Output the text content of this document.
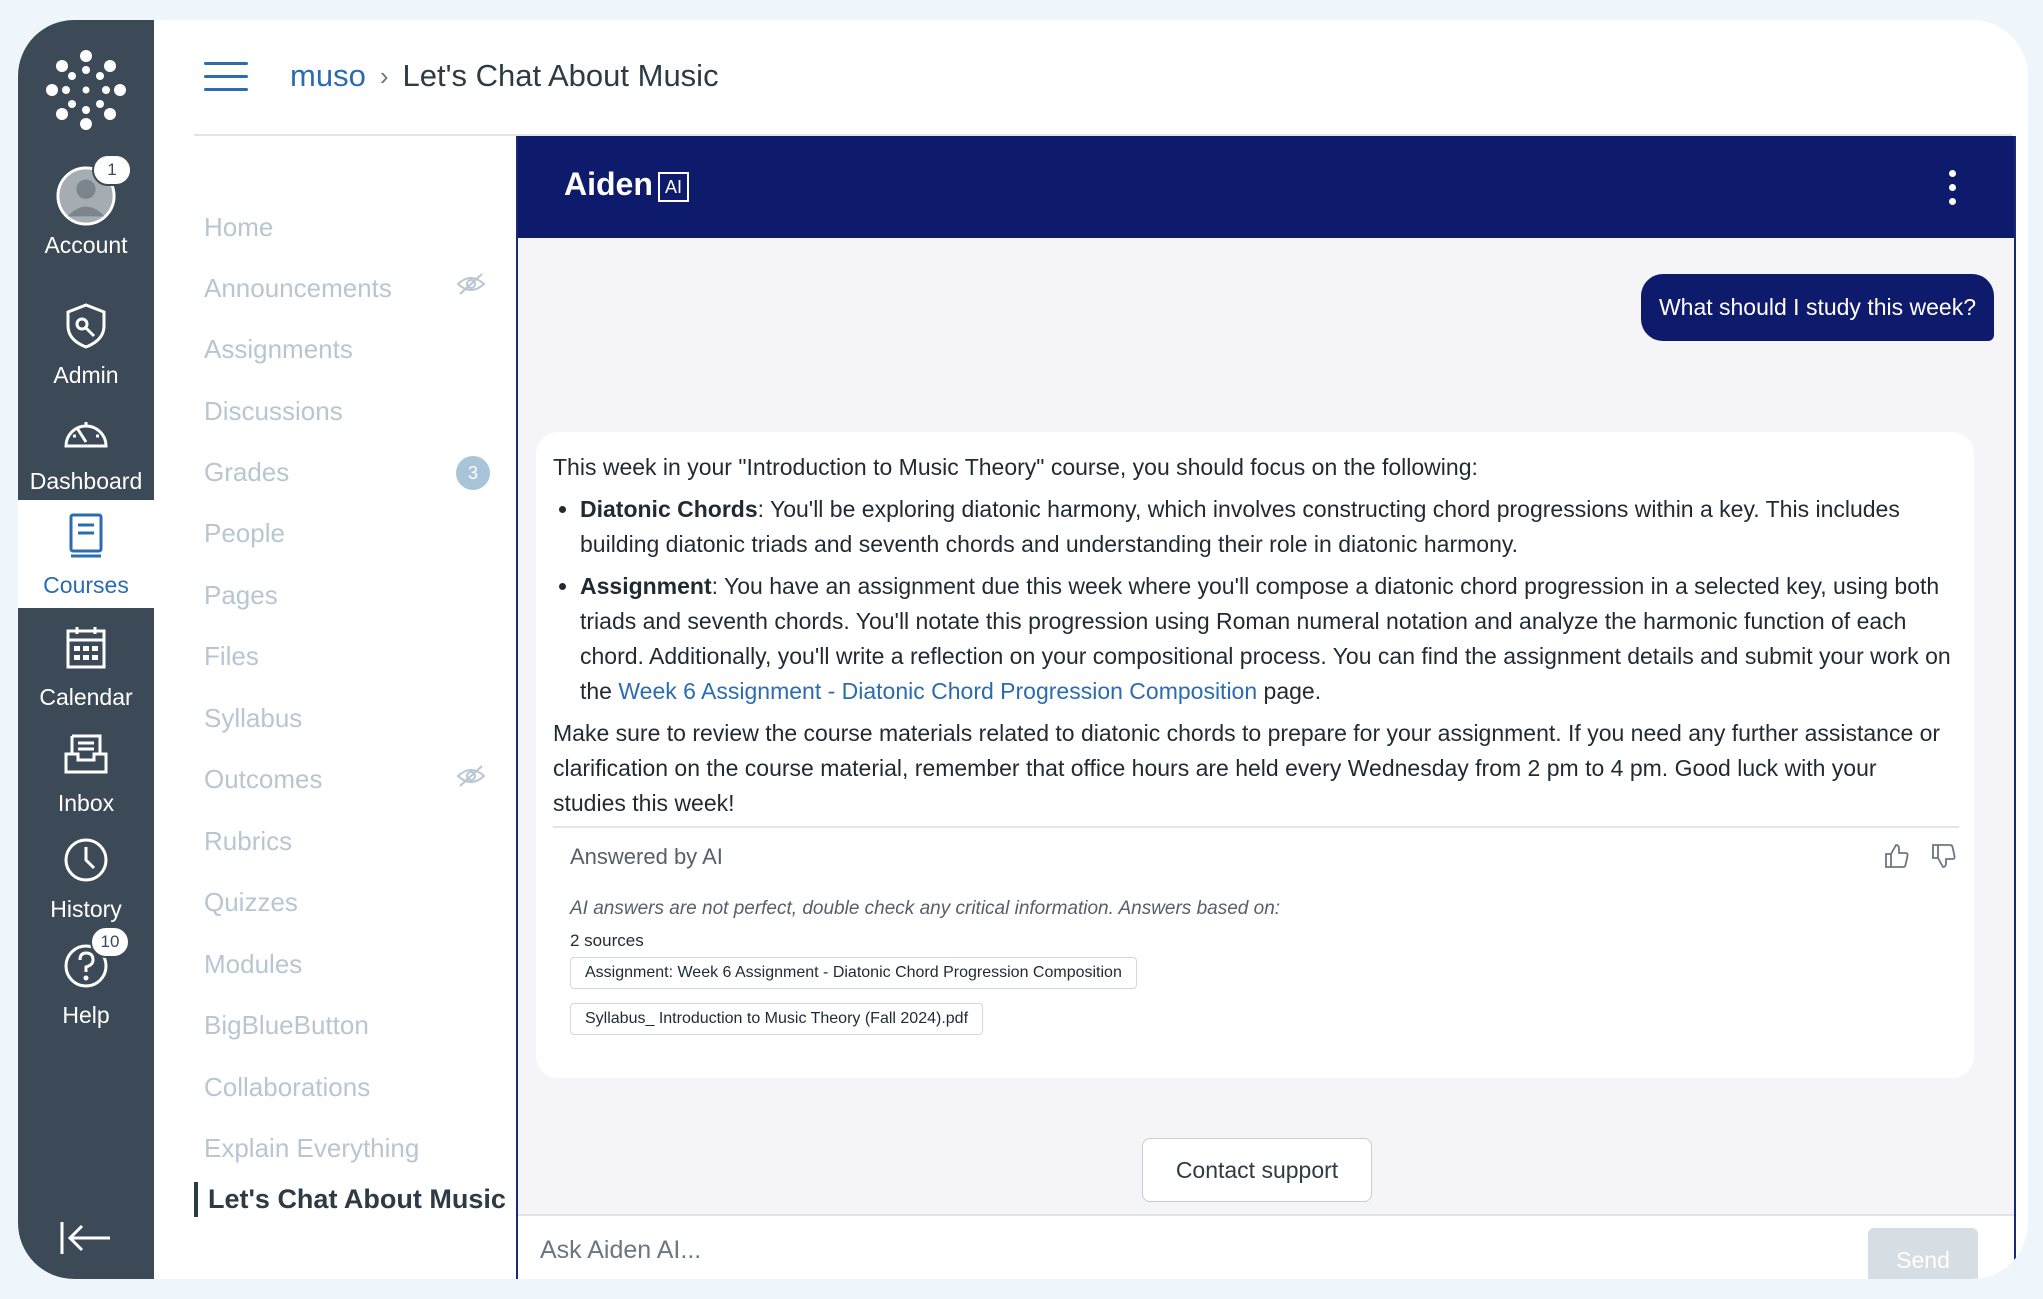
1
Account
Admin
Dashboard
Courses
Calendar
Inbox
History
10
Help
muso › Let's Chat About Music
Home
Announcements
Assignments
Discussions
Grades	3
People
Pages
Files
Syllabus
Outcomes
Rubrics
Quizzes
Modules
BigBlueButton
Collaborations
Explain Everything
Let's Chat About Music
Aiden AI
What should I study this week?

This week in your "Introduction to Music Theory" course, you should focus on the following:

• Diatonic Chords: You'll be exploring diatonic harmony, which involves constructing chord progressions within a key. This includes building diatonic triads and seventh chords and understanding their role in diatonic harmony.
• Assignment: You have an assignment due this week where you'll compose a diatonic chord progression in a selected key, using both triads and seventh chords. You'll notate this progression using Roman numeral notation and analyze the harmonic function of each chord. Additionally, you'll write a reflection on your compositional process. You can find the assignment details and submit your work on the Week 6 Assignment - Diatonic Chord Progression Composition page.

Make sure to review the course materials related to diatonic chords to prepare for your assignment. If you need any further assistance or clarification on the course material, remember that office hours are held every Wednesday from 2 pm to 4 pm. Good luck with your studies this week!

Answered by AI
AI answers are not perfect, double check any critical information. Answers based on:
2 sources
Assignment: Week 6 Assignment - Diatonic Chord Progression Composition
Syllabus_ Introduction to Music Theory (Fall 2024).pdf
Contact support
Ask Aiden AI...
Send
